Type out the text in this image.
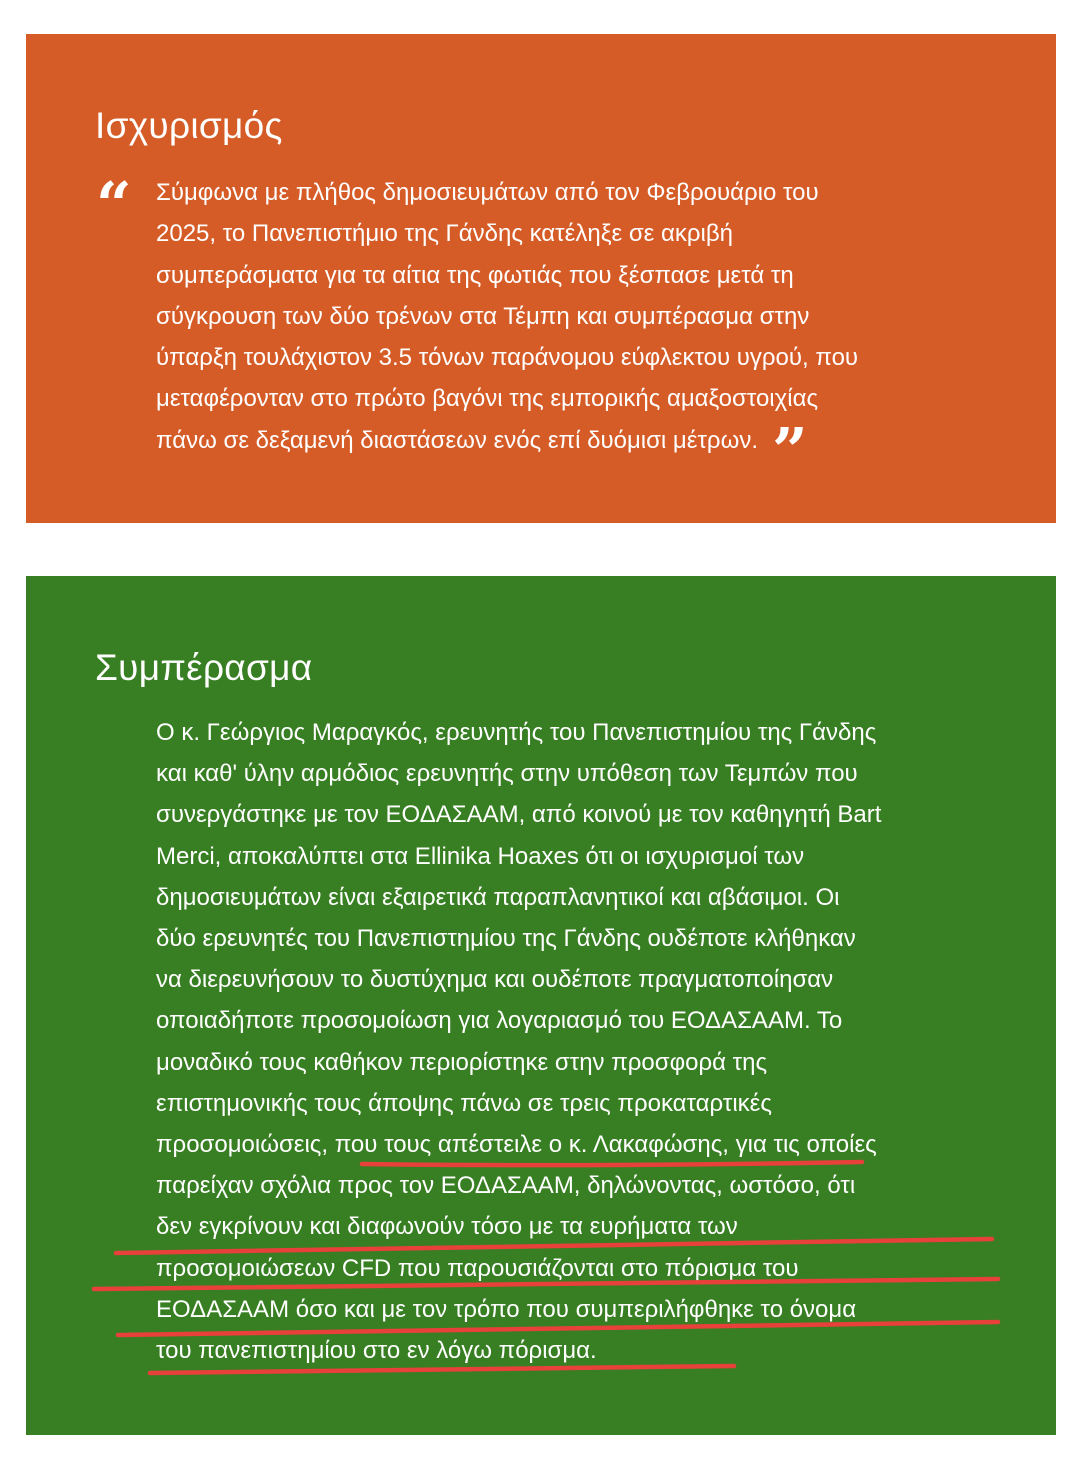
Ισχυρισμός
“ Σύμφωνα με πλήθος δημοσιευμάτων από τον Φεβρουάριο του
2025, το Πανεπιστήμιο της Γάνδης κατέληξε σε ακριβή
συμπεράσματα για τα αίτια της φωτιάς που ξέσπασε μετά τη
σύγκρουση των δύο τρένων στα Τέμπη και συμπέρασμα στην
ύπαρξη τουλάχιστον 3.5 τόνων παράνομου εύφλεκτου υγρού, που
μεταφέρονταν στο πρώτο βαγόνι της εμπορικής αμαξοστοιχίας
πάνω σε δεξαμενή διαστάσεων ενός επί δυόμισι μέτρων. ”

Συμπέρασμα

Ο κ. Γεώργιος Μαραγκός, ερευνητής του Πανεπιστημίου της Γάνδης
και καθ' ύλην αρμόδιος ερευνητής στην υπόθεση των Τεμπών που
συνεργάστηκε με τον ΕΟΔΑΣΑΑΜ, από κοινού με τον καθηγητή Bart
Merci, αποκαλύπτει στα Ellinika Hoaxes ότι οι ισχυρισμοί των
δημοσιευμάτων είναι εξαιρετικά παραπλανητικοί και αβάσιμοι. Οι
δύο ερευνητές του Πανεπιστημίου της Γάνδης ουδέποτε κλήθηκαν
να διερευνήσουν το δυστύχημα και ουδέποτε πραγματοποίησαν
οποιαδήποτε προσομοίωση για λογαριασμό του ΕΟΔΑΣΑΑΜ. Το
μοναδικό τους καθήκον περιορίστηκε στην προσφορά της
επιστημονικής τους άποψης πάνω σε τρεις προκαταρτικές
προσομοιώσεις, που τους απέστειλε ο κ. Λακαφώσης, για τις οποίες
παρείχαν σχόλια προς τον ΕΟΔΑΣΑΑΜ, δηλώνοντας, ωστόσο, ότι
δεν εγκρίνουν και διαφωνούν τόσο με τα ευρήματα των
προσομοιώσεων CFD που παρουσιάζονται στο πόρισμα του
ΕΟΔΑΣΑΑΜ όσο και με τον τρόπο που συμπεριλήφθηκε το όνομα
του πανεπιστημίου στο εν λόγω πόρισμα.
